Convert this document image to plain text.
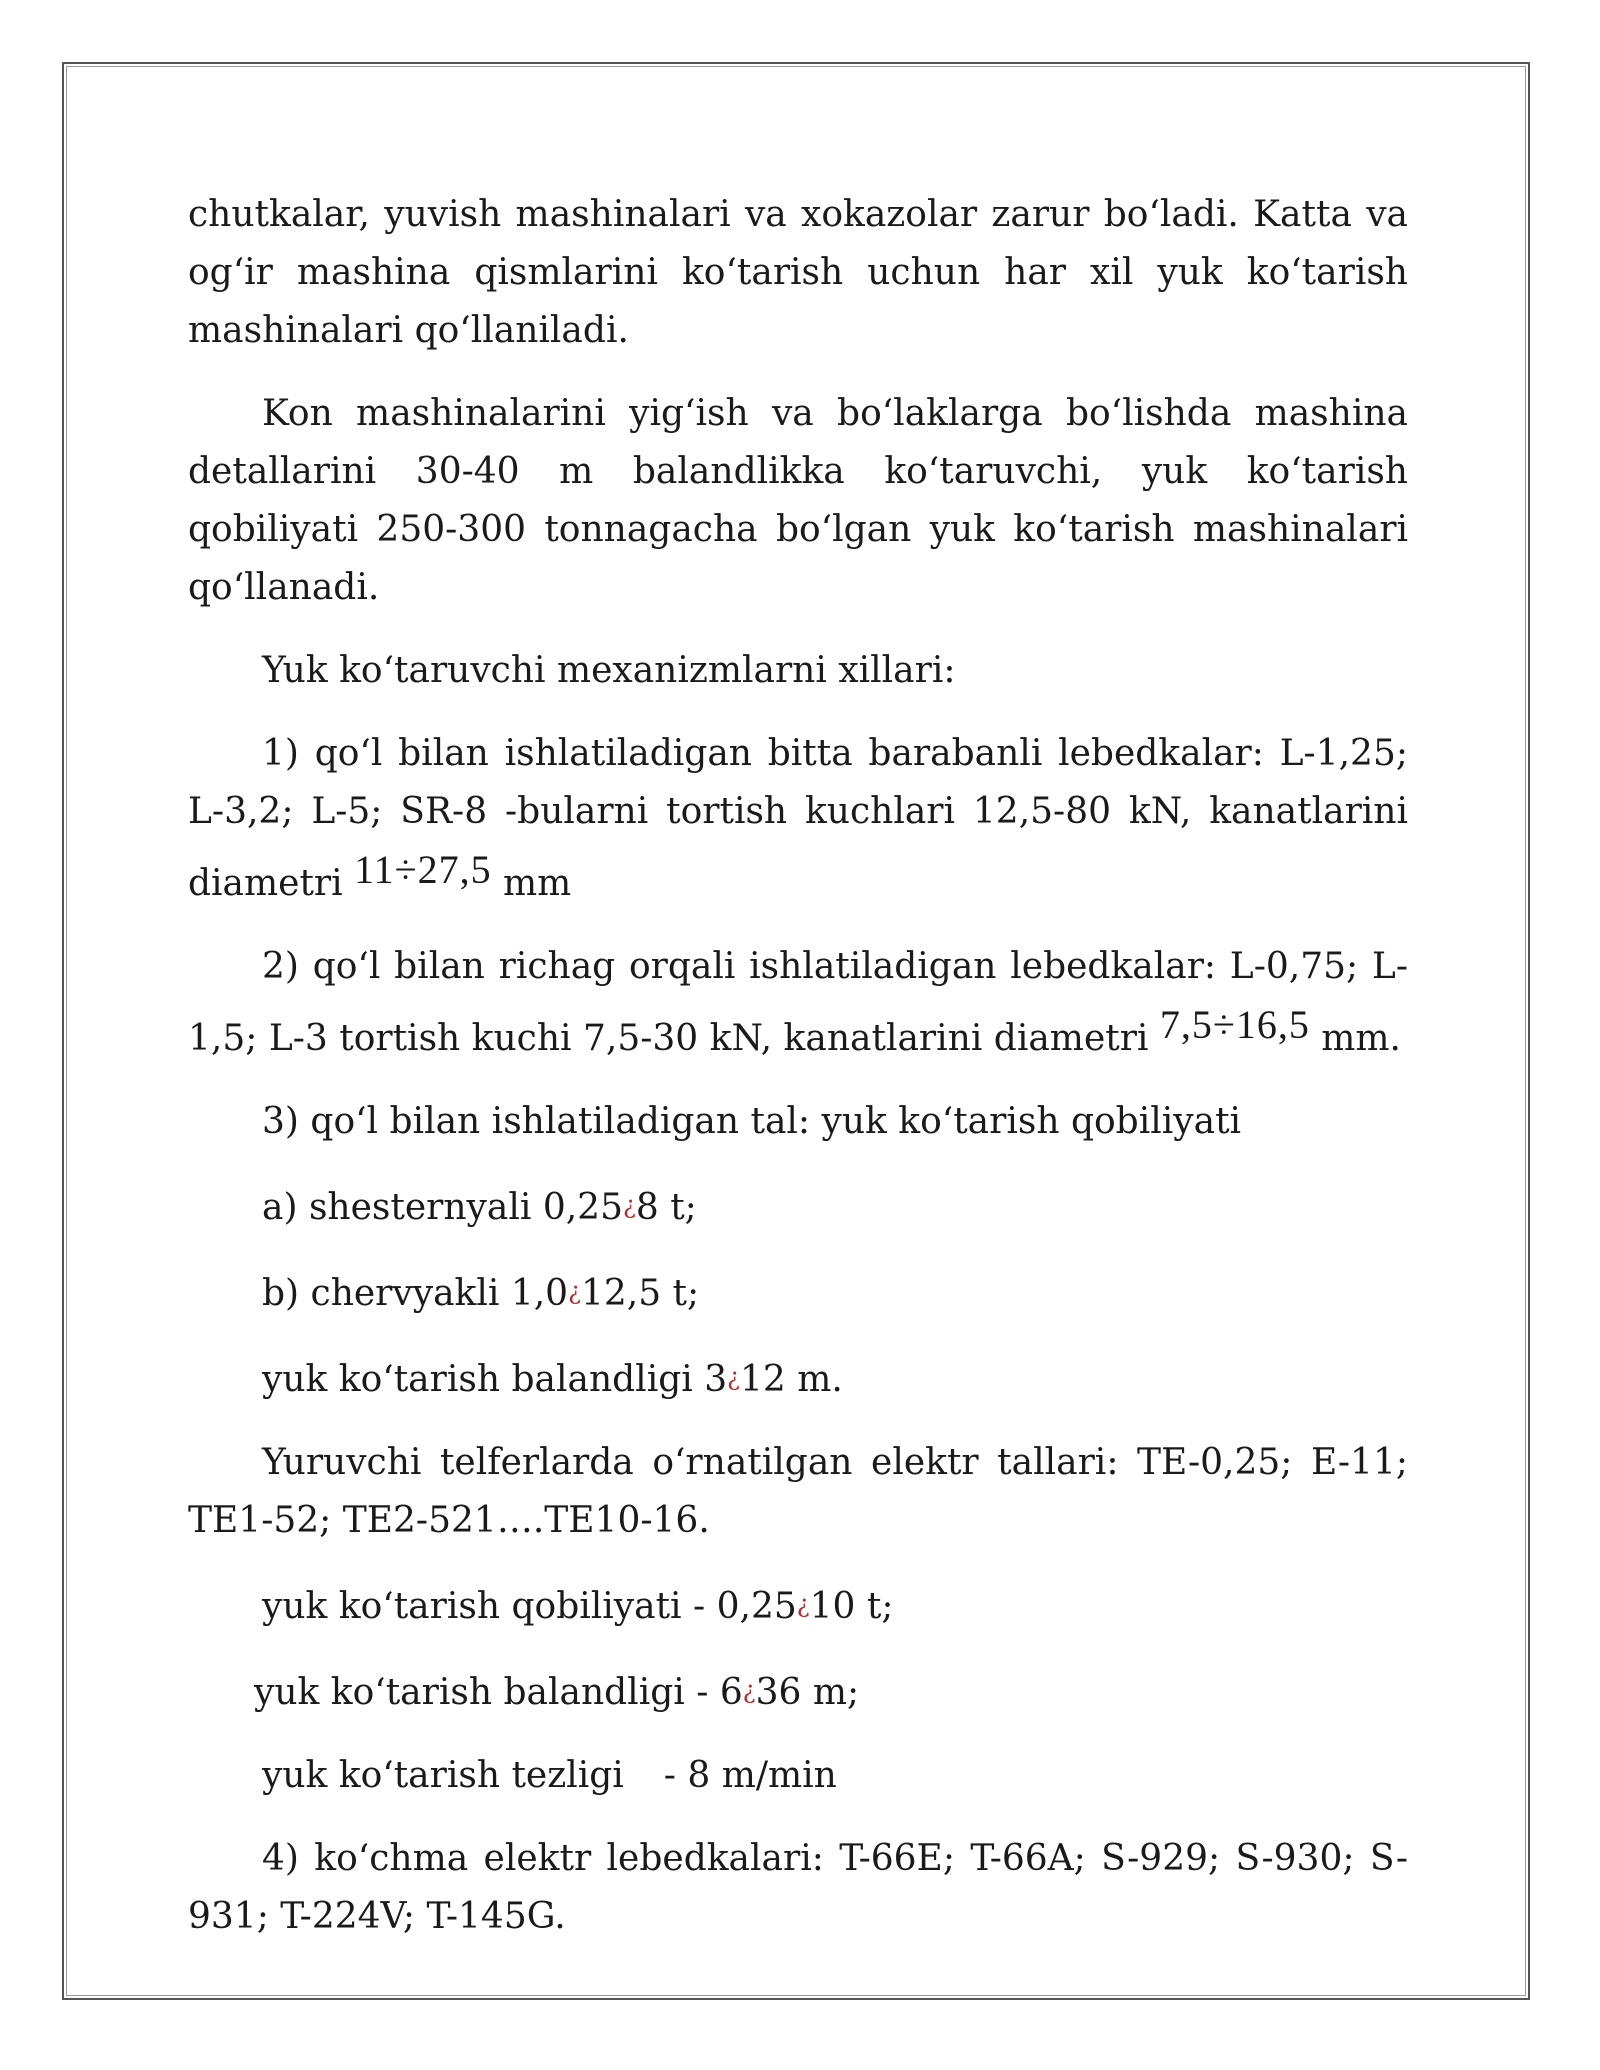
chutkalar, yuvish mashinalari va xokazolar zarur bo‘ladi. Katta va og‘ir mashina qismlarini ko‘tarish uchun har xil yuk ko‘tarish mashinalari qo‘llaniladi.

Kon mashinalarini yig‘ish va bo‘laklarga bo‘lishda mashina detallarini 30-40 m balandlikka ko‘taruvchi, yuk ko‘tarish qobiliyati 250-300 tonnagacha bo‘lgan yuk ko‘tarish mashinalari qo‘llanadi.

Yuk ko‘taruvchi mexanizmlarni xillari:

1) qo‘l bilan ishlatiladigan bitta barabanli lebedkalar: L-1,25; L-3,2; L-5; SR-8 -bularni tortish kuchlari 12,5-80 kN, kanatlarini diametri 11÷27,5 mm

2) qo‘l bilan richag orqali ishlatiladigan lebedkalar: L-0,75; L-1,5; L-3 tortish kuchi 7,5-30 kN, kanatlarini diametri 7,5÷16,5 mm.

3) qo‘l bilan ishlatiladigan tal: yuk ko‘tarish qobiliyati

a) shesternyali 0,25¿8 t;

b) chervyakli 1,0¿12,5 t;

yuk ko‘tarish balandligi 3¿12 m.

Yuruvchi telferlarda o‘rnatilgan elektr tallari: TE-0,25; E-11; TE1-52; TE2-521….TE10-16.

yuk ko‘tarish qobiliyati - 0,25¿10 t;

yuk ko‘tarish balandligi - 6¿36 m;

yuk ko‘tarish tezligi - 8 m/min

4) ko‘chma elektr lebedkalari: T-66E; T-66A; S-929; S-930; S-931; T-224V; T-145G.
